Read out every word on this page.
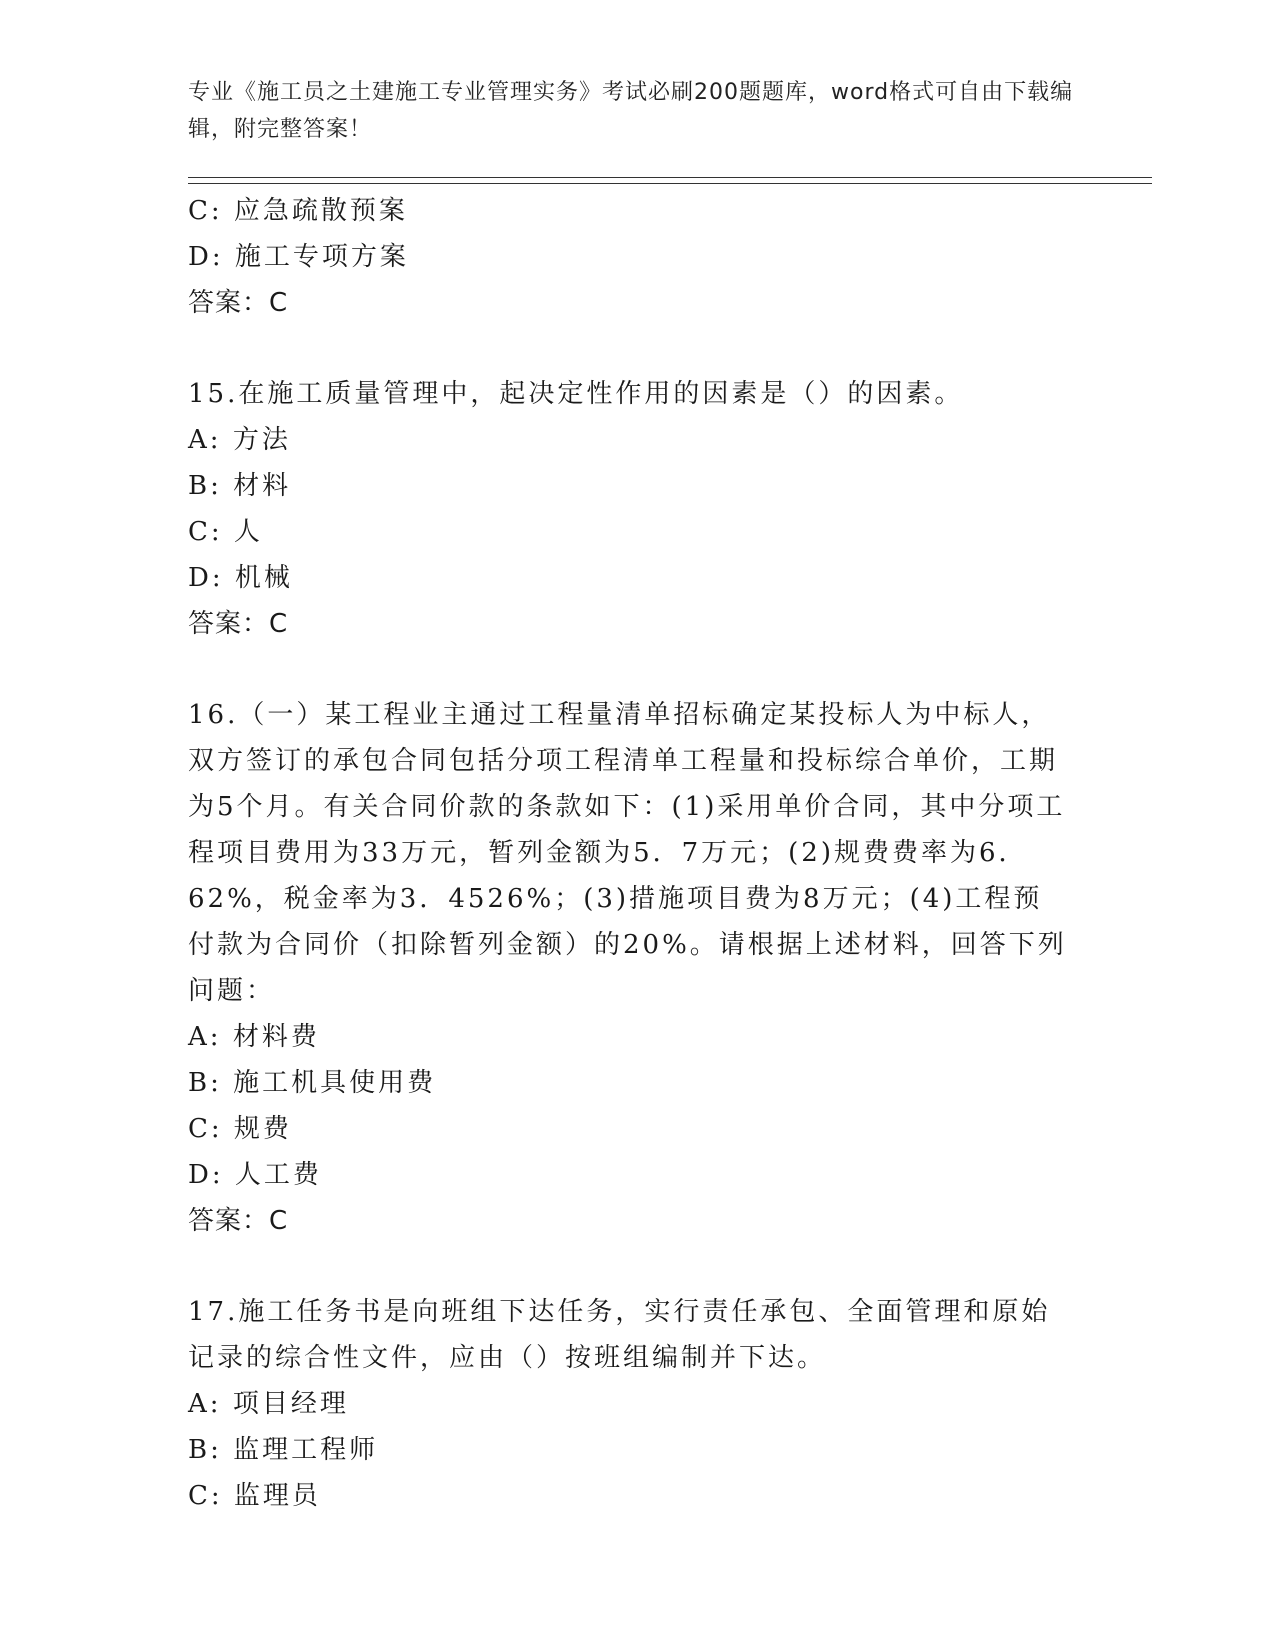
专业《施工员之土建施工专业管理实务》考试必刷200题题库，word格式可自由下载编辑，附完整答案！
C: 应急疏散预案
D: 施工专项方案
答案：C
15.在施工质量管理中，起决定性作用的因素是（）的因素。
A: 方法
B: 材料
C: 人
D: 机械
答案：C
16.（一）某工程业主通过工程量清单招标确定某投标人为中标人，双方签订的承包合同包括分项工程清单工程量和投标综合单价，工期为5个月。有关合同价款的条款如下：(1)采用单价合同，其中分项工程项目费用为33万元，暂列金额为5．7万元；(2)规费费率为6．62%，税金率为3．4526%；(3)措施项目费为8万元；(4)工程预付款为合同价（扣除暂列金额）的20%。请根据上述材料，回答下列问题：
A: 材料费
B: 施工机具使用费
C: 规费
D: 人工费
答案：C
17.施工任务书是向班组下达任务，实行责任承包、全面管理和原始记录的综合性文件，应由（）按班组编制并下达。
A: 项目经理
B: 监理工程师
C: 监理员
